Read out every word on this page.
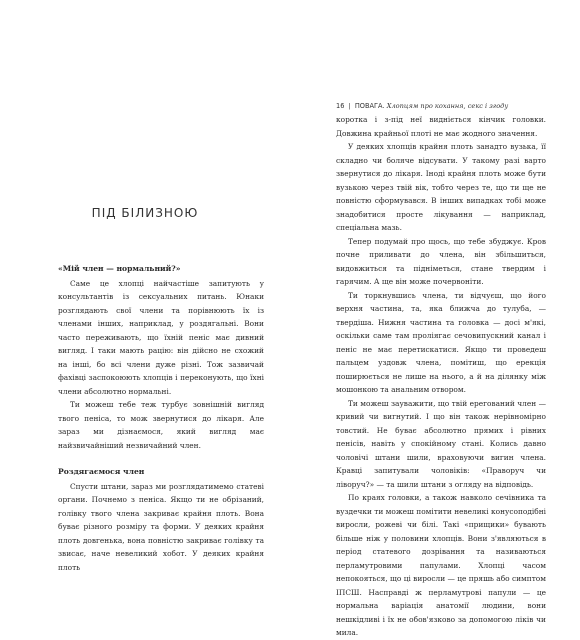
ПІД БІЛИЗНОЮ

«Мій член — нормальний?»

Саме це хлопці найчастіше запитують у консультантів із сексуальних питань. Юнаки розглядають свої члени та порівнюють їх із членами інших, наприклад, у роздягальні. Вони часто переживають, що їхній пеніс має дивний вигляд. І таки мають рацію: він дійсно не схожий на інші, бо всі члени дуже різні. Тож зазвичай фахівці заспокоюють хлопців і переконують, що їхні члени абсолютно нормальні.

Ти можеш тебе теж турбує зовнішній вигляд твого пеніса, то мож звернутися до лікаря. Але зараз ми дізнаємося, який вигляд має найзвичайніший незвичайний член.

Роздягаємося член

Спусти штани, зараз ми розглядатимемо статеві органи. Почнемо з пеніса. Якщо ти не обрізаний, голівку твого члена закриває крайня плоть. Вона буває різного розміру та форми. У деяких крайня плоть довгенька, вона повністю закриває голівку та звисає, наче невеликий хобот. У деяких крайня плоть

16 | ПОВАГА. Хлопцям про кохання, секс і згоду

коротка і з-під неї видніється кінчик головки. Довжина крайньої плоті не має жодного значення.

У деяких хлопців крайня плоть занадто вузька, її складно чи боляче відсувати. У такому разі варто звернутися до лікаря. Іноді крайня плоть може бути вузькою через твій вік, тобто через те, що ти ще не повністю сформувався. В інших випадках тобі може знадобитися просте лікування — наприклад, спеціальна мазь.

Тепер подумай про щось, що тебе збуджує. Кров почне приливати до члена, він збільшиться, видовжиться та підніметься, стане твердим і гарячим. А ще він може почервоніти.

Ти торкнувшись члена, ти відчуєш, що його верхня частина, та, яка ближча до тулуба, — твердіша. Нижня частина та головка — досі м'які, оскільки саме там проліягає сечовипускний канал і пеніс не має перетискатися. Якщо ти проведеш пальцем уздовж члена, помітиш, що ерекція поширюється не лише на нього, а й на ділянку між мошонкою та анальним отвором.

Ти можеш зауважити, що твій ерегований член — кривий чи вигнутий. І що він також нерівномірно товстий. Не буває абсолютно прямих і рівних пенісів, навіть у спокійному стані. Колись давно чоловічі штани шили, враховуючи вигин члена. Кравці запитували чоловіків: «Праворуч чи ліворуч?» — та шили штани з огляду на відповідь.

По краях головки, а також навколо сечівника та вуздечки ти можеш помітити невеликі конусоподібні виросли, рожеві чи білі. Такі «прищики» бувають більше ніж у половини хлопців. Вони з'являються в період статевого дозрівання та називаються перламутровими папулами. Хлопці часом непокояться, що ці виросли — це пряшь або симптом ІПСШ. Насправді ж перламутрові папули — це нормальна варіація анатомії людини, вони нешкідливі і їх не обов'язково за допомогою ліків чи мила.
